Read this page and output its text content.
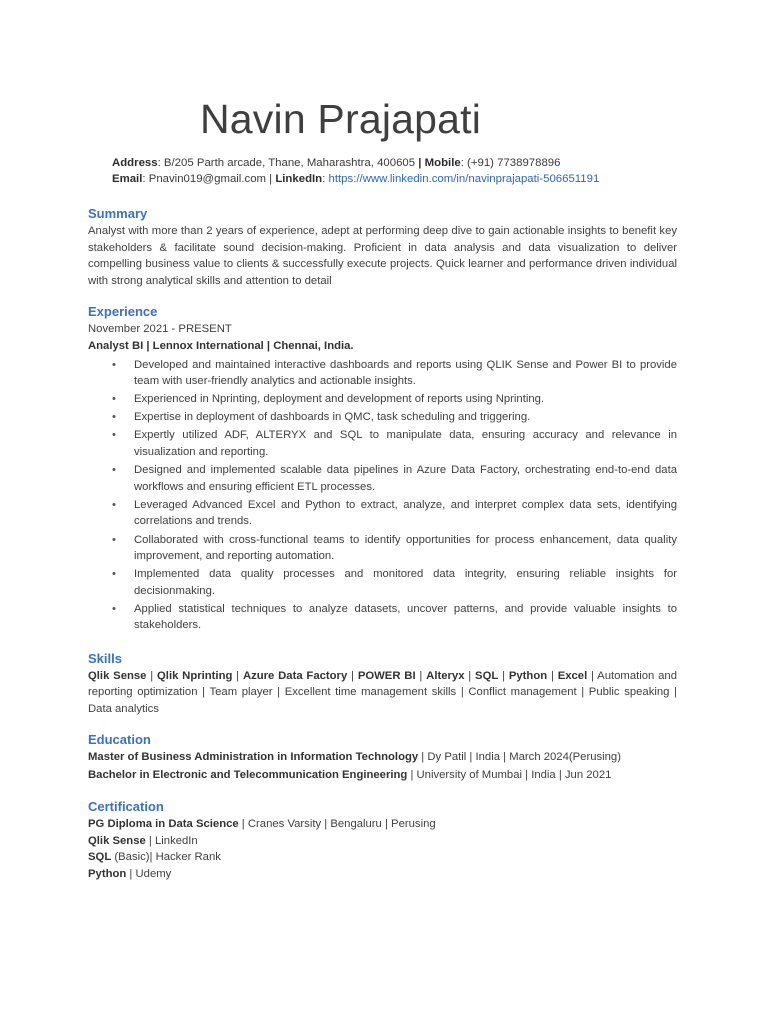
Navin Prajapati
Address: B/205 Parth arcade, Thane, Maharashtra, 400605 | Mobile: (+91) 7738978896
Email: Pnavin019@gmail.com | LinkedIn: https://www.linkedin.com/in/navinprajapati-506651191
Summary

Analyst with more than 2 years of experience, adept at performing deep dive to gain actionable insights to benefit key stakeholders & facilitate sound decision-making. Proficient in data analysis and data visualization to deliver compelling business value to clients & successfully execute projects. Quick learner and performance driven individual with strong analytical skills and attention to detail

Experience

November 2021 - PRESENT

Analyst BI | Lennox International | Chennai, India.

• Developed and maintained interactive dashboards and reports using QLIK Sense and Power BI to provide team with user-friendly analytics and actionable insights.
• Experienced in Nprinting, deployment and development of reports using Nprinting.
• Expertise in deployment of dashboards in QMC, task scheduling and triggering.
• Expertly utilized ADF, ALTERYX and SQL to manipulate data, ensuring accuracy and relevance in visualization and reporting.
• Designed and implemented scalable data pipelines in Azure Data Factory, orchestrating end-to-end data workflows and ensuring efficient ETL processes.
• Leveraged Advanced Excel and Python to extract, analyze, and interpret complex data sets, identifying correlations and trends.
• Collaborated with cross-functional teams to identify opportunities for process enhancement, data quality improvement, and reporting automation.
• Implemented data quality processes and monitored data integrity, ensuring reliable insights for decisionmaking.
• Applied statistical techniques to analyze datasets, uncover patterns, and provide valuable insights to stakeholders.
Skills

Qlik Sense | Qlik Nprinting | Azure Data Factory | POWER BI | Alteryx | SQL | Python | Excel | Automation and reporting optimization | Team player | Excellent time management skills | Conflict management | Public speaking | Data analytics

Education

Master of Business Administration in Information Technology | Dy Patil | India | March 2024(Perusing)

Bachelor in Electronic and Telecommunication Engineering | University of Mumbai | India | Jun 2021

Certification

PG Diploma in Data Science | Cranes Varsity | Bengaluru | Perusing

Qlik Sense | LinkedIn

SQL (Basic)| Hacker Rank

Python | Udemy
